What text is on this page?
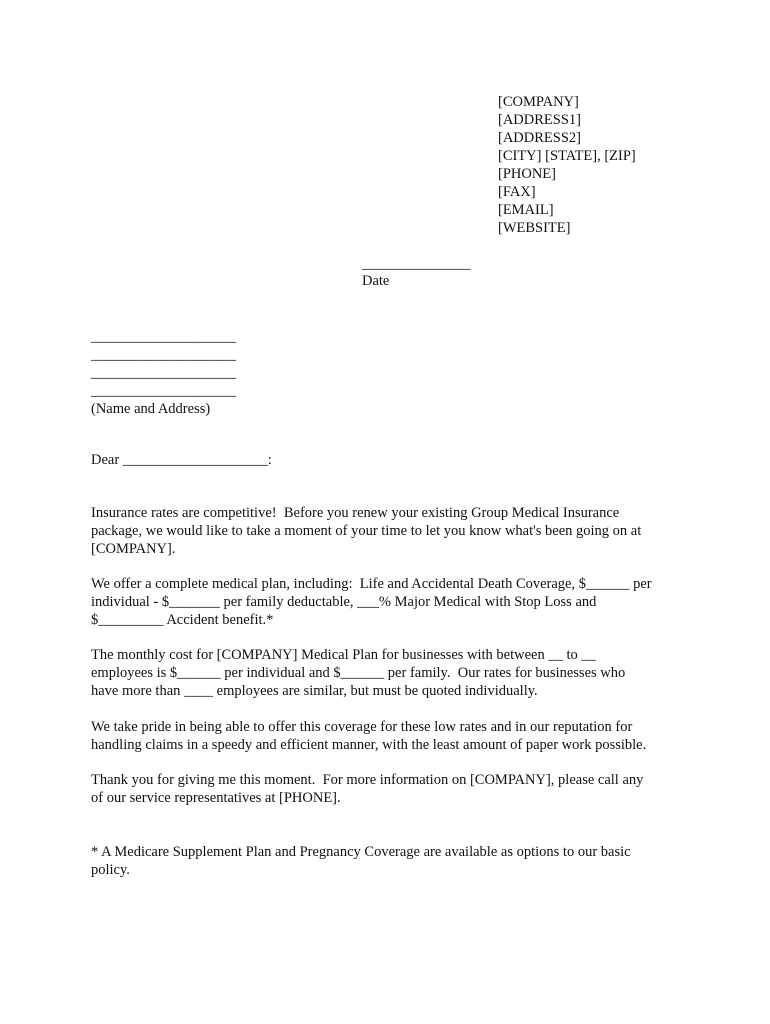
[COMPANY]
[ADDRESS1]
[ADDRESS2]
[CITY] [STATE], [ZIP]
[PHONE]
[FAX]
[EMAIL]
[WEBSITE]
_______________
Date
____________________
____________________
____________________
____________________
(Name and Address)
Dear ____________________:
Insurance rates are competitive!  Before you renew your existing Group Medical Insurance
package, we would like to take a moment of your time to let you know what's been going on at
[COMPANY].
We offer a complete medical plan, including:  Life and Accidental Death Coverage, $______ per
individual - $_______ per family deductable, ___% Major Medical with Stop Loss and
$_________ Accident benefit.*
The monthly cost for [COMPANY] Medical Plan for businesses with between __ to __
employees is $______ per individual and $______ per family.  Our rates for businesses who
have more than ____ employees are similar, but must be quoted individually.
We take pride in being able to offer this coverage for these low rates and in our reputation for
handling claims in a speedy and efficient manner, with the least amount of paper work possible.
Thank you for giving me this moment.  For more information on [COMPANY], please call any
of our service representatives at [PHONE].
* A Medicare Supplement Plan and Pregnancy Coverage are available as options to our basic
policy.
